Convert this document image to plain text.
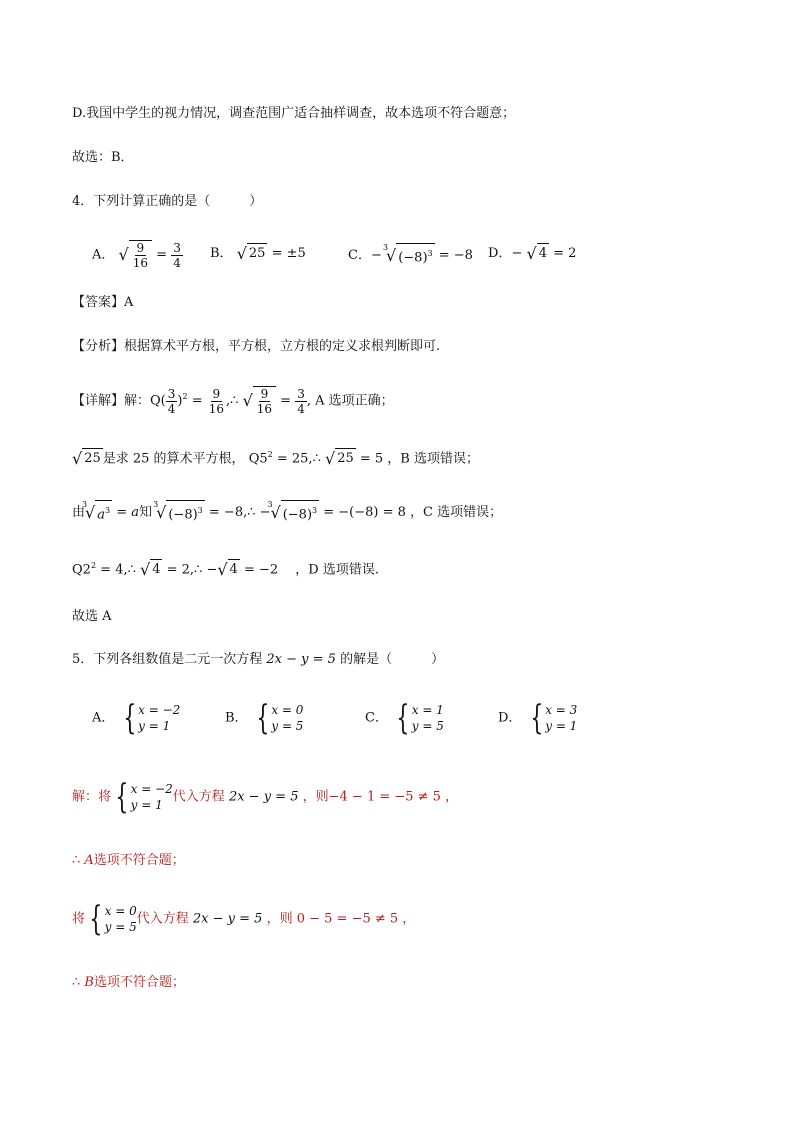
D.我国中学生的视力情况，调查范围广适合抽样调查，故本选项不符合题意；
故选：B．
4．下列计算正确的是（　　　）
A． √ $\frac{9}{16} = \frac{3}{4}$ B． √ 25 = ±5	C．−
3
√ $(-8)^3 = -8$ D．− √ 4 = 2
【答案】A
【分析】根据算术平方根，平方根，立方根的定义求根判断即可.
【详解】解：$Q( \frac{3}{4} )^2 = \frac{9}{16}$ ,∴ √ $\frac{9}{16} = \frac{3}{4}$ , A 选项正确；
√ 25 是求 25 的算术平方根， $Q5^2$ = 25,∴ √ 25 = 5 ，B 选项错误；
由
3
√ $a^3 = a$知
3
√ $(-8)^3$ = −8,∴ −
3
√ $(-8)^3 = -(-8) = 8$ ，C 选项错误；
$Q2^2$ = 4,∴ √ 4 = 2,∴ −√ 4 = −2 　，D 选项错误.
故选 A
5．下列各组数值是二元一次方程 2x − y = 5 的解是（　　　）
A． { x = −2
y = 1
B． { x = 0
y = 5
C． { x = 1
y = 5
D． { x = 3
y = 1
解：将 { x = −2
y = 1
代入方程 2x − y = 5 ，则−4 − 1 = −5 ≠ 5 ，
∴ A选项不符合题；
将 { x = 0
y = 5
代入方程 2x − y = 5 ，则 0 − 5 = −5 ≠ 5 ，
∴ B选项不符合题；
